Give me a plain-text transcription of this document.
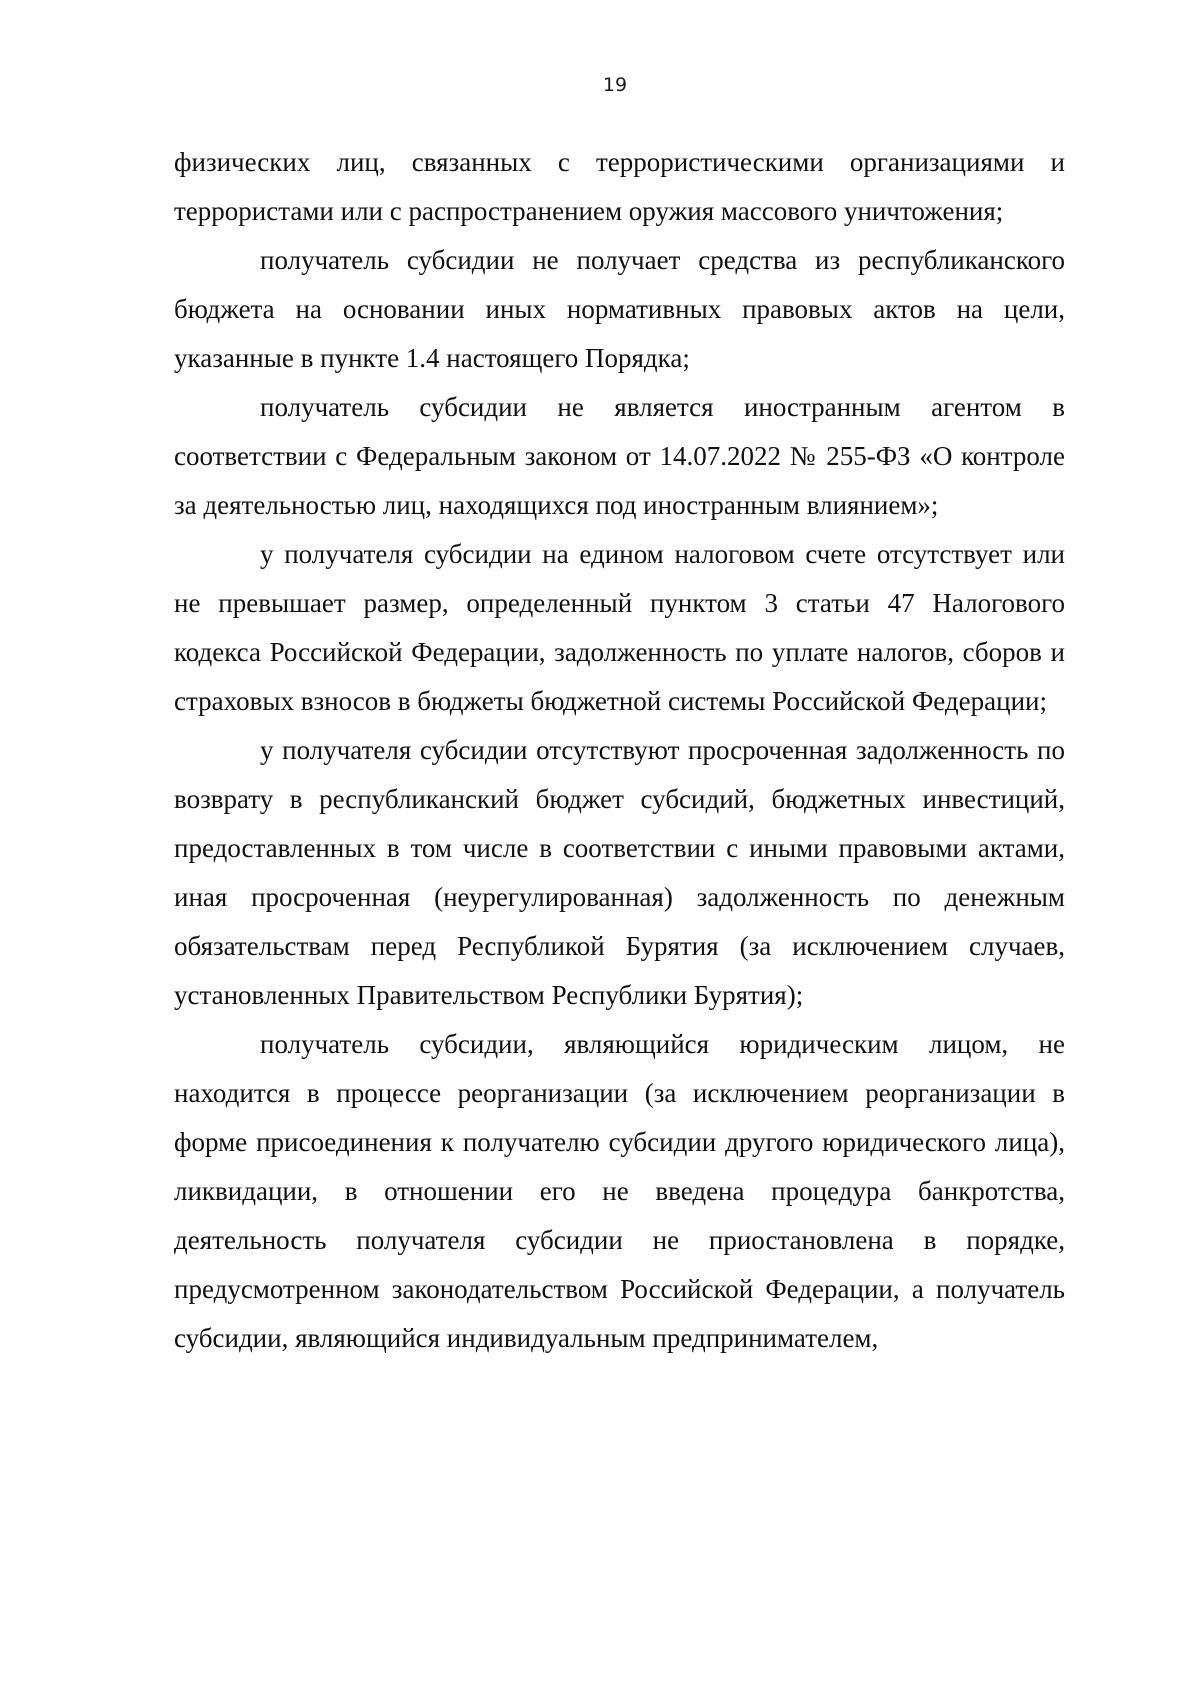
19

физических лиц, связанных с террористическими организациями и террористами или с распространением оружия массового уничтожения;

получатель субсидии не получает средства из республиканского бюджета на основании иных нормативных правовых актов на цели, указанные в пункте 1.4 настоящего Порядка;

получатель субсидии не является иностранным агентом в соответствии с Федеральным законом от 14.07.2022 № 255-ФЗ «О контроле за деятельностью лиц, находящихся под иностранным влиянием»;

у получателя субсидии на едином налоговом счете отсутствует или не превышает размер, определенный пунктом 3 статьи 47 Налогового кодекса Российской Федерации, задолженность по уплате налогов, сборов и страховых взносов в бюджеты бюджетной системы Российской Федерации;

у получателя субсидии отсутствуют просроченная задолженность по возврату в республиканский бюджет субсидий, бюджетных инвестиций, предоставленных в том числе в соответствии с иными правовыми актами, иная просроченная (неурегулированная) задолженность по денежным обязательствам перед Республикой Бурятия (за исключением случаев, установленных Правительством Республики Бурятия);

получатель субсидии, являющийся юридическим лицом, не находится в процессе реорганизации (за исключением реорганизации в форме присоединения к получателю субсидии другого юридического лица), ликвидации, в отношении его не введена процедура банкротства, деятельность получателя субсидии не приостановлена в порядке, предусмотренном законодательством Российской Федерации, а получатель субсидии, являющийся индивидуальным предпринимателем,
